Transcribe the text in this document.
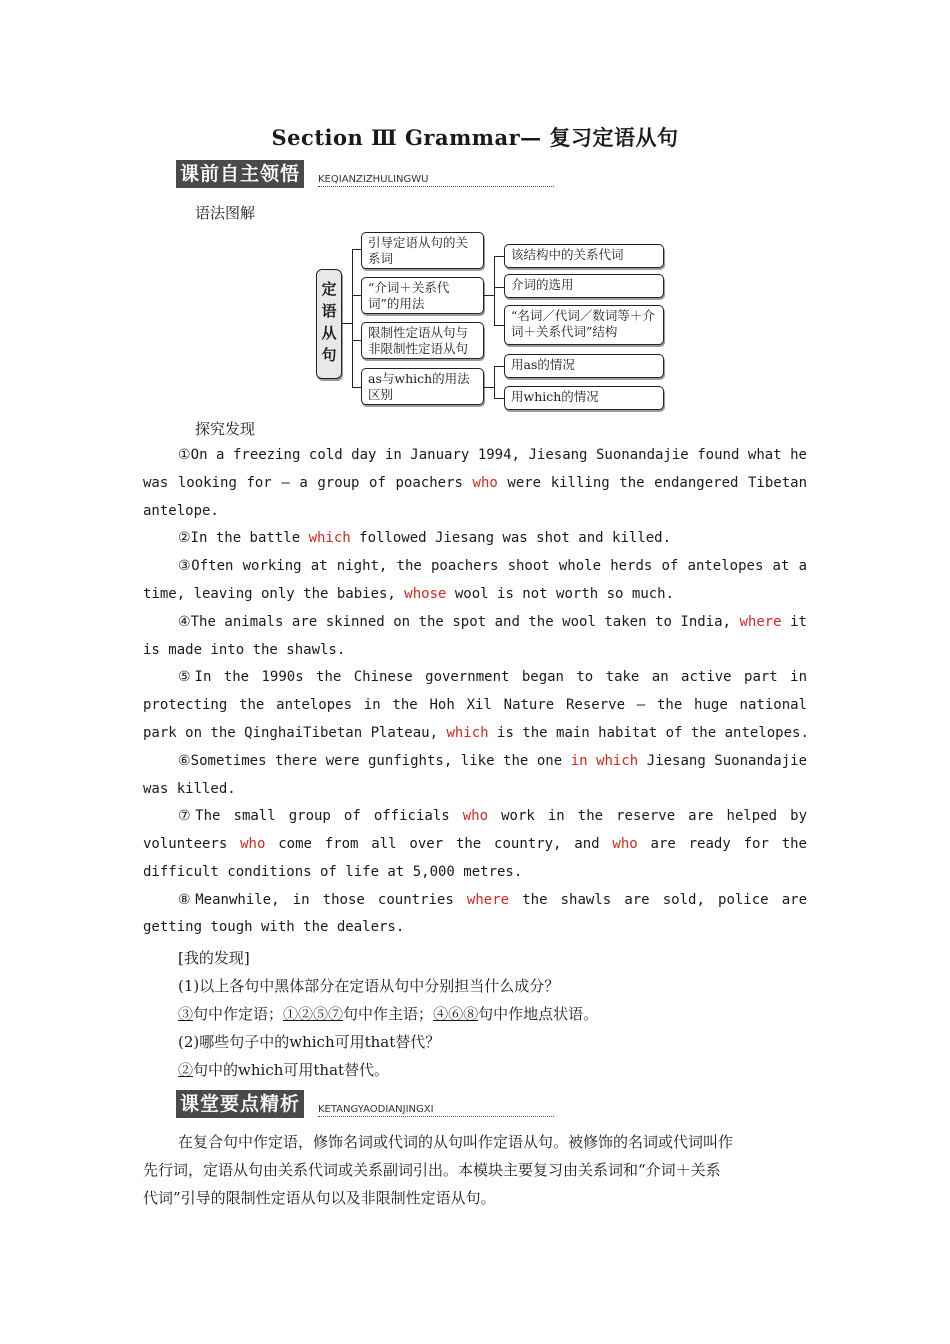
Section Ⅲ Grammar— 复习定语从句
课前自主领悟 KEQIANZIZHULINGWU
语法图解
定语从句
引导定语从句的关系词
“介词＋关系代词”的用法
限制性定语从句与非限制性定语从句
as与which的用法区别
该结构中的关系代词
介词的选用
“名词／代词／数词等＋介词＋关系代词”结构
用as的情况
用which的情况
探究发现
①On a freezing cold day in January 1994, Jiesang Suonandajie found what he
was looking for — a group of poachers who were killing the endangered Tibetan
antelope.
②In the battle which followed Jiesang was shot and killed.
③Often working at night, the poachers shoot whole herds of antelopes at a
time, leaving only the babies, whose wool is not worth so much.
④The animals are skinned on the spot and the wool taken to India, where it
is made into the shawls.
⑤In the 1990s the Chinese government began to take an active part in
protecting the antelopes in the Hoh Xil Nature Reserve — the huge national
park on the QinghaiTibetan Plateau, which is the main habitat of the antelopes.
⑥Sometimes there were gunfights, like the one in which Jiesang Suonandajie
was killed.
⑦The small group of officials who work in the reserve are helped by
volunteers who come from all over the country, and who are ready for the
difficult conditions of life at 5,000 metres.
⑧Meanwhile, in those countries where the shawls are sold, police are
getting tough with the dealers.
[我的发现]
(1)以上各句中黑体部分在定语从句中分别担当什么成分？
③句中作定语；①②⑤⑦句中作主语；④⑥⑧句中作地点状语。
(2)哪些句子中的which可用that替代？
②句中的which可用that替代。
课堂要点精析 KETANGYAODIANJINGXI
在复合句中作定语，修饰名词或代词的从句叫作定语从句。被修饰的名词或代词叫作
先行词，定语从句由关系代词或关系副词引出。本模块主要复习由关系词和“介词＋关系
代词”引导的限制性定语从句以及非限制性定语从句。
